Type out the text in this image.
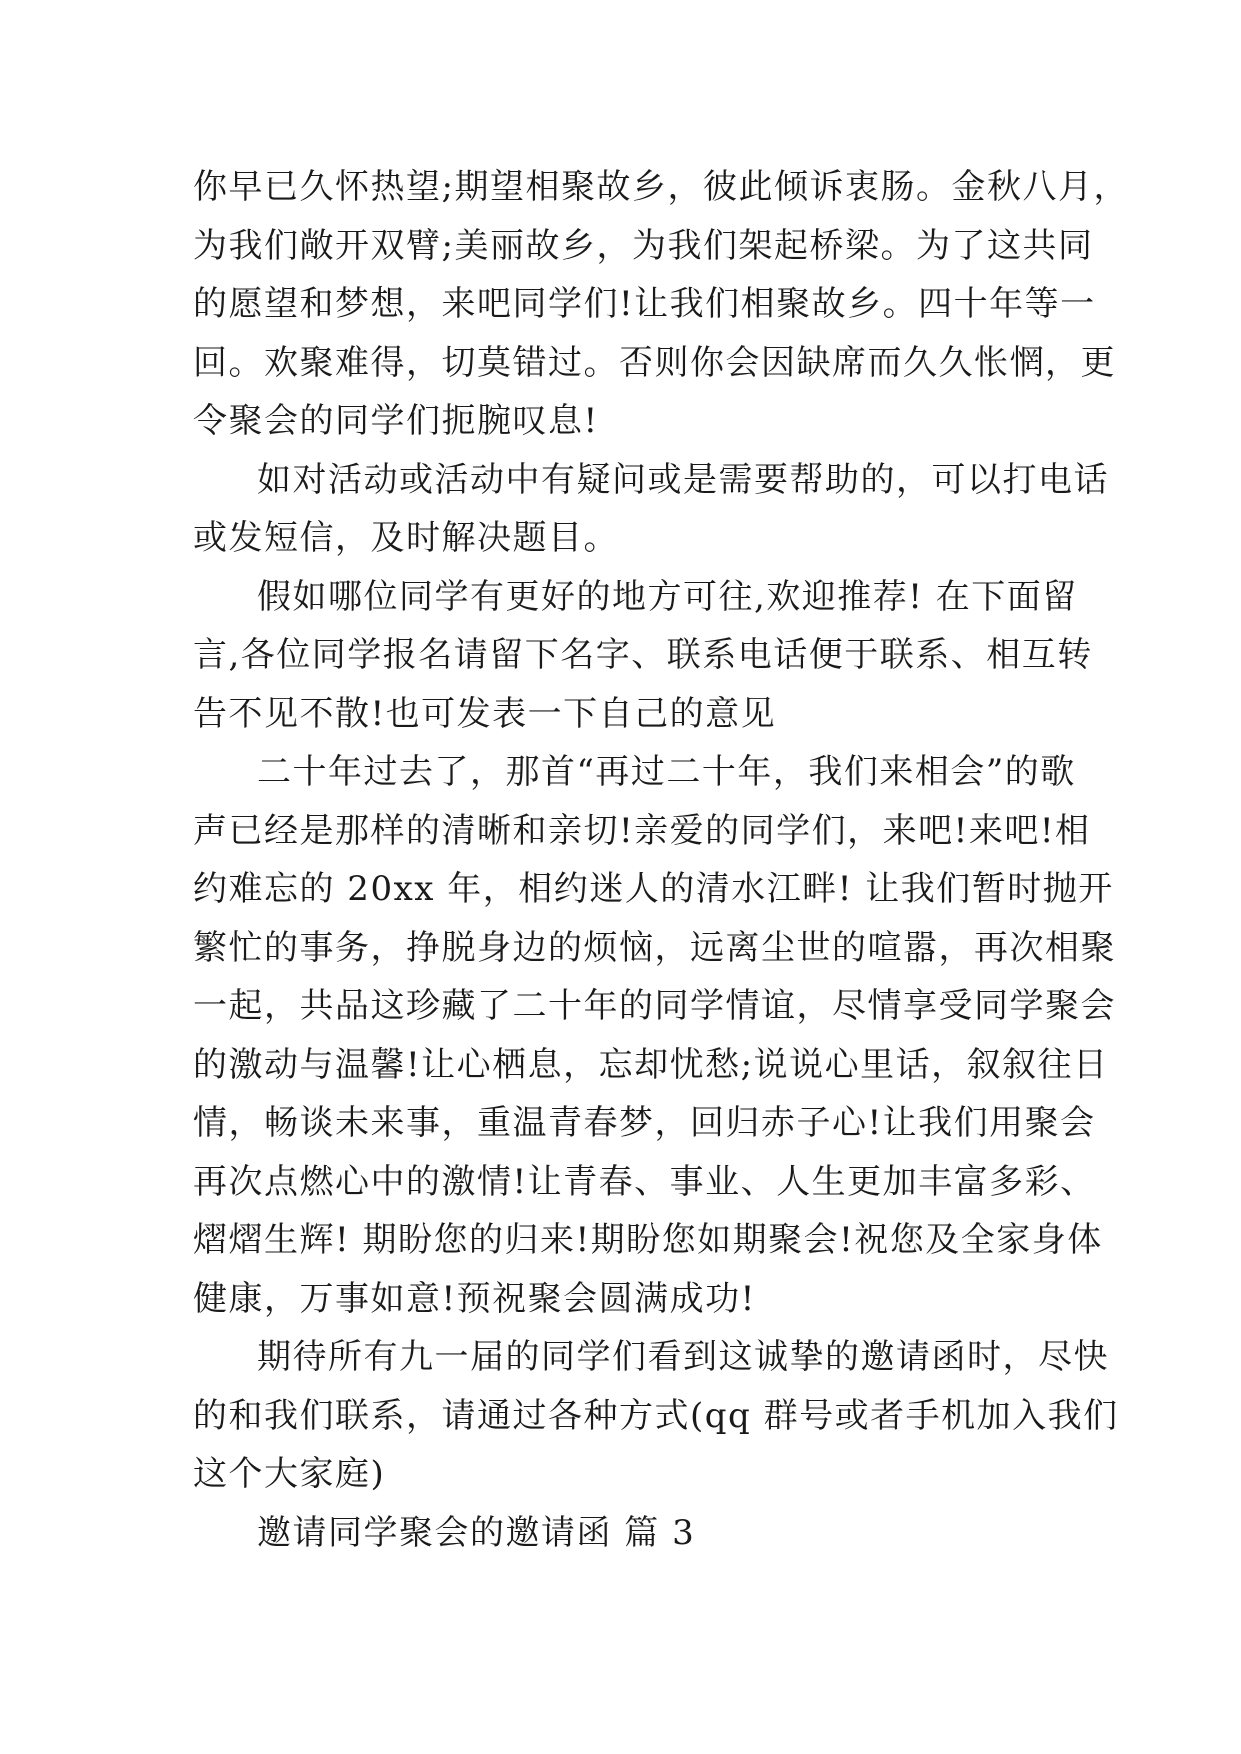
你早已久怀热望;期望相聚故乡，彼此倾诉衷肠。金秋八月，
为我们敞开双臂;美丽故乡，为我们架起桥梁。为了这共同
的愿望和梦想，来吧同学们!让我们相聚故乡。四十年等一
回。欢聚难得，切莫错过。否则你会因缺席而久久怅惘，更
令聚会的同学们扼腕叹息!
如对活动或活动中有疑问或是需要帮助的，可以打电话
或发短信，及时解决题目。
假如哪位同学有更好的地方可往,欢迎推荐! 在下面留
言,各位同学报名请留下名字、联系电话便于联系、相互转
告不见不散!也可发表一下自己的意见
二十年过去了，那首“再过二十年，我们来相会”的歌
声已经是那样的清晰和亲切!亲爱的同学们，来吧!来吧!相
约难忘的 20xx 年，相约迷人的清水江畔! 让我们暂时抛开
繁忙的事务，挣脱身边的烦恼，远离尘世的喧嚣，再次相聚
一起，共品这珍藏了二十年的同学情谊，尽情享受同学聚会
的激动与温馨!让心栖息，忘却忧愁;说说心里话，叙叙往日
情，畅谈未来事，重温青春梦，回归赤子心!让我们用聚会
再次点燃心中的激情!让青春、事业、人生更加丰富多彩、
熠熠生辉! 期盼您的归来!期盼您如期聚会!祝您及全家身体
健康，万事如意!预祝聚会圆满成功!
期待所有九一届的同学们看到这诚挚的邀请函时，尽快
的和我们联系，请通过各种方式(qq 群号或者手机加入我们
这个大家庭)
邀请同学聚会的邀请函 篇 3
